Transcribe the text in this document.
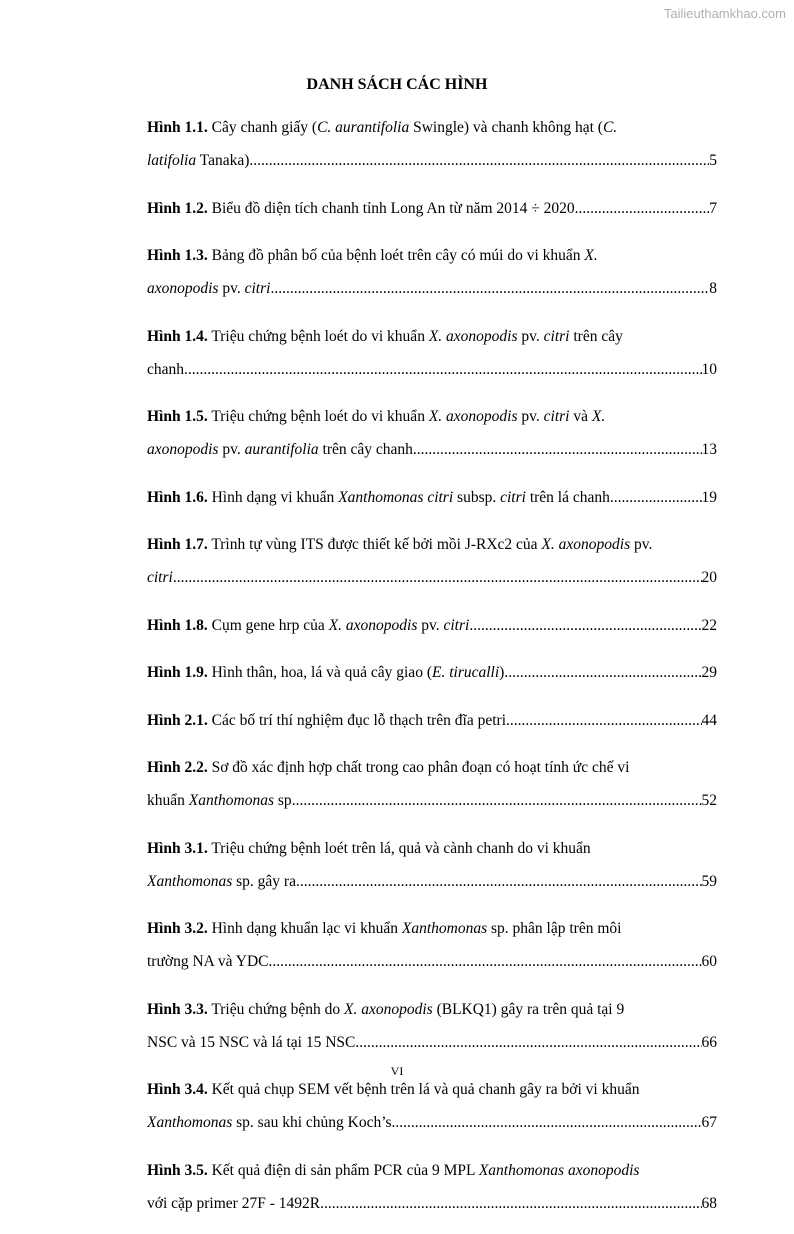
Tailieuthamkhao.com
DANH SÁCH CÁC HÌNH
Hình 1.1. Cây chanh giấy (C. aurantifolia Swingle) và chanh không hạt (C.
latifolia Tanaka) .....	5
Hình 1.2. Biểu đồ diện tích chanh tỉnh Long An từ năm 2014 ÷ 2020 .....	7
Hình 1.3. Bảng đồ phân bố của bệnh loét trên cây có múi do vi khuẩn X.
axonopodis pv. citri .....	8
Hình 1.4. Triệu chứng bệnh loét do vi khuẩn X. axonopodis pv. citri trên cây
chanh .....	10
Hình 1.5. Triệu chứng bệnh loét do vi khuẩn X. axonopodis pv. citri và X.
axonopodis pv. aurantifolia trên cây chanh .....	13
Hình 1.6. Hình dạng vi khuẩn Xanthomonas citri subsp. citri trên lá chanh .....	19
Hình 1.7. Trình tự vùng ITS được thiết kế bởi mồi J-RXc2 của X. axonopodis pv.
citri .....	20
Hình 1.8. Cụm gene hrp của X. axonopodis pv. citri .....	22
Hình 1.9. Hình thân, hoa, lá và quả cây giao (E. tirucalli) .....	29
Hình 2.1. Các bố trí thí nghiệm đục lỗ thạch trên đĩa petri .....	44
Hình 2.2. Sơ đồ xác định hợp chất trong cao phân đoạn có hoạt tính ức chế vi
khuẩn Xanthomonas sp .....	52
Hình 3.1. Triệu chứng bệnh loét trên lá, quả và cành chanh do vi khuẩn
Xanthomonas sp. gây ra .....	59
Hình 3.2. Hình dạng khuẩn lạc vi khuẩn Xanthomonas sp. phân lập trên môi
trường NA và YDC .....	60
Hình 3.3. Triệu chứng bệnh do X. axonopodis (BLKQ1) gây ra trên quả tại 9
NSC và 15 NSC và lá tại 15 NSC .....	66
Hình 3.4. Kết quả chụp SEM vết bệnh trên lá và quả chanh gây ra bởi vi khuẩn
Xanthomonas sp. sau khi chủng Koch’s .....	67
Hình 3.5. Kết quả điện di sản phẩm PCR của 9 MPL Xanthomonas axonopodis
với cặp primer 27F - 1492R .....	68
VI
